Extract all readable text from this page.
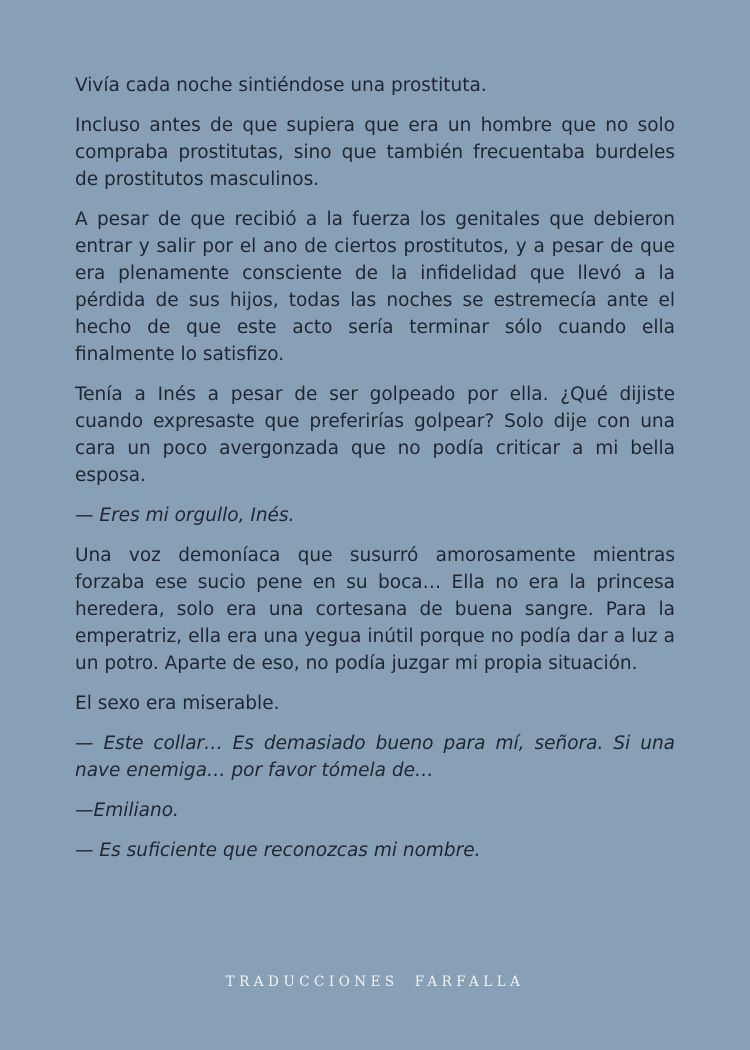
Vivía cada noche sintiéndose una prostituta.

Incluso antes de que supiera que era un hombre que no solo compraba prostitutas, sino que también frecuentaba burdeles de prostitutos masculinos.

A pesar de que recibió a la fuerza los genitales que debieron entrar y salir por el ano de ciertos prostitutos, y a pesar de que era plenamente consciente de la infidelidad que llevó a la pérdida de sus hijos, todas las noches se estremecía ante el hecho de que este acto sería terminar sólo cuando ella finalmente lo satisfizo.

Tenía a Inés a pesar de ser golpeado por ella. ¿Qué dijiste cuando expresaste que preferirías golpear? Solo dije con una cara un poco avergonzada que no podía criticar a mi bella esposa.

— Eres mi orgullo, Inés.

Una voz demoníaca que susurró amorosamente mientras forzaba ese sucio pene en su boca… Ella no era la princesa heredera, solo era una cortesana de buena sangre. Para la emperatriz, ella era una yegua inútil porque no podía dar a luz a un potro. Aparte de eso, no podía juzgar mi propia situación.

El sexo era miserable.

— Este collar… Es demasiado bueno para mí, señora. Si una nave enemiga… por favor tómela de…

—Emiliano.

— Es suficiente que reconozcas mi nombre.

TRADUCCIONES FARFALLA
